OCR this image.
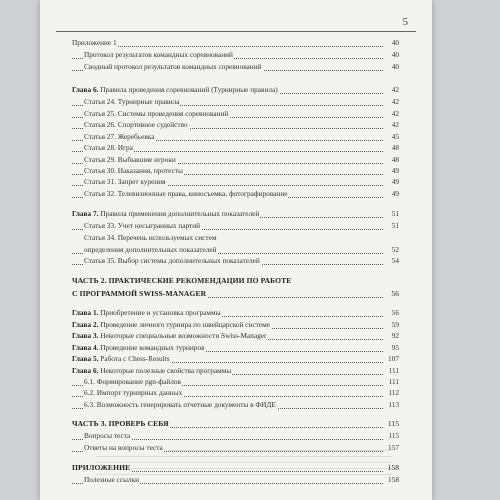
5
Приложение 1	40
Протокол результатов командных соревнований	40
Сводный протокол результатов командных соревнований	40
Глава 6. Правила проведения соревнований (Турнирные правила)	42
Статья 24. Турнирные правила	42
Статья 25. Системы проведения соревнований	42
Статья 26. Спортивное судейство	42
Статья 27. Жеребьевка	45
Статья 28. Игра	48
Статья 29. Выбывшие игроки	48
Статья 30. Наказания, протесты	49
Статья 31. Запрет курения	49
Статья 32. Телевизионные права, киносъемка, фотографирование	49
Глава 7. Правила применения дополнительных показателей	51
Статья 33. Учет несыгранных партий	51
Статья 34. Перечень используемых систем
определения дополнительных показателей	52
Статья 35. Выбор системы дополнительных показателей	54
ЧАСТЬ 2. ПРАКТИЧЕСКИЕ РЕКОМЕНДАЦИИ ПО РАБОТЕ
С ПРОГРАММОЙ SWISS-MANAGER	56
Глава 1. Приобретение и установка программы	56
Глава 2. Проведение личного турнира по швейцарской системе	59
Глава 3. Некоторые специальные возможности Swiss-Manager	92
Глава 4. Проведение командных турниров	95
Глава 5. Работа с Chess-Results	107
Глава 6. Некоторые полезные свойства программы	111
6.1. Формирование pgn-файлов	111
6.2. Импорт турнирных данных	112
6.3. Возможность генерировать отчетные документы в ФИДЕ	113
ЧАСТЬ 3. ПРОВЕРЬ СЕБЯ	115
Вопросы теста	115
Ответы на вопросы теста	157
ПРИЛОЖЕНИЕ	158
Полезные ссылки	158
